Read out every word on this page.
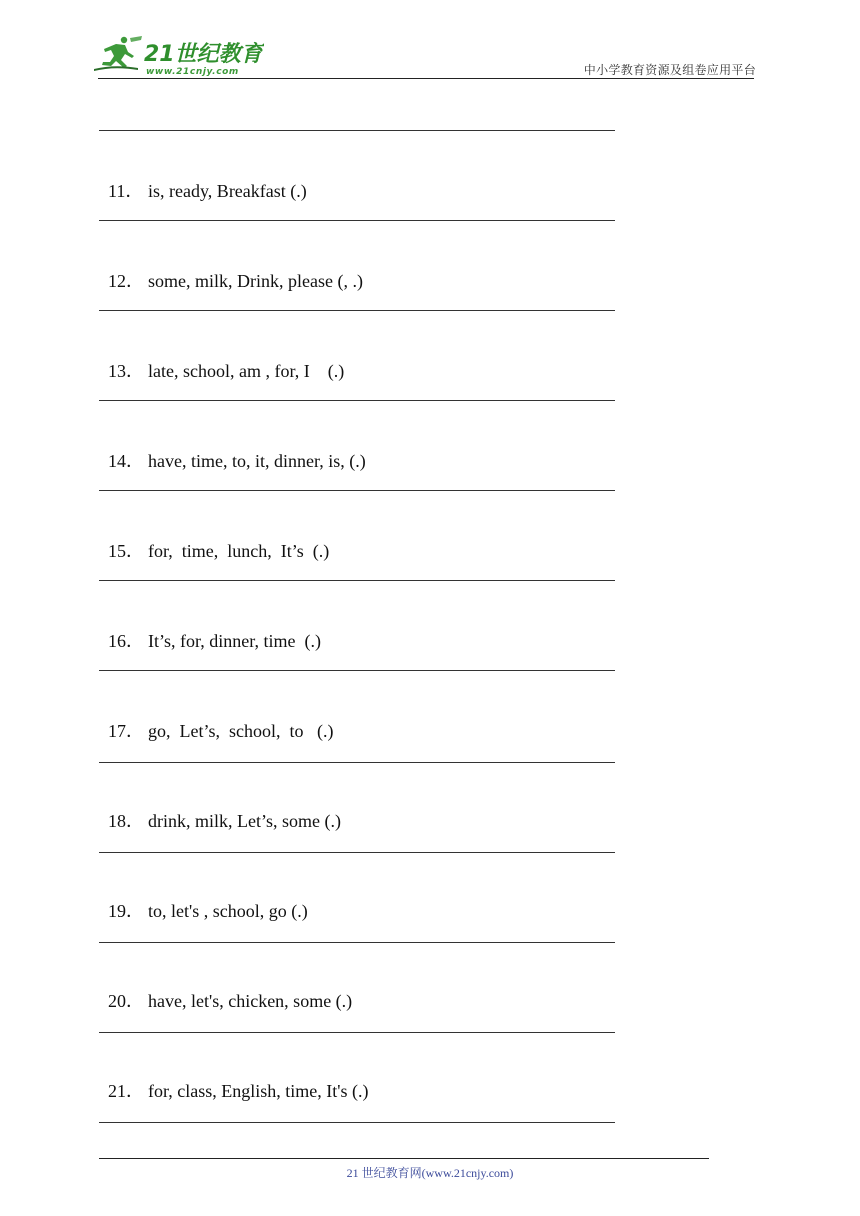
21世纪教育
www.21cnjy.com	中小学教育资源及组卷应用平台

11． is, ready, Breakfast (.)

12． some, milk, Drink, please (, .)

13． late, school, am , for, I    (.)

14． have, time, to, it, dinner, is, (.)

15． for,  time,  lunch,  It’s  (.)

16． It’s, for, dinner, time  (.)

17． go,  Let’s,  school,  to   (.)

18． drink, milk, Let’s, some (.)

19． to, let's , school, go (.)

20． have, let's, chicken, some (.)

21． for, class, English, time, It's (.)

21 世纪教育网(www.21cnjy.com)
